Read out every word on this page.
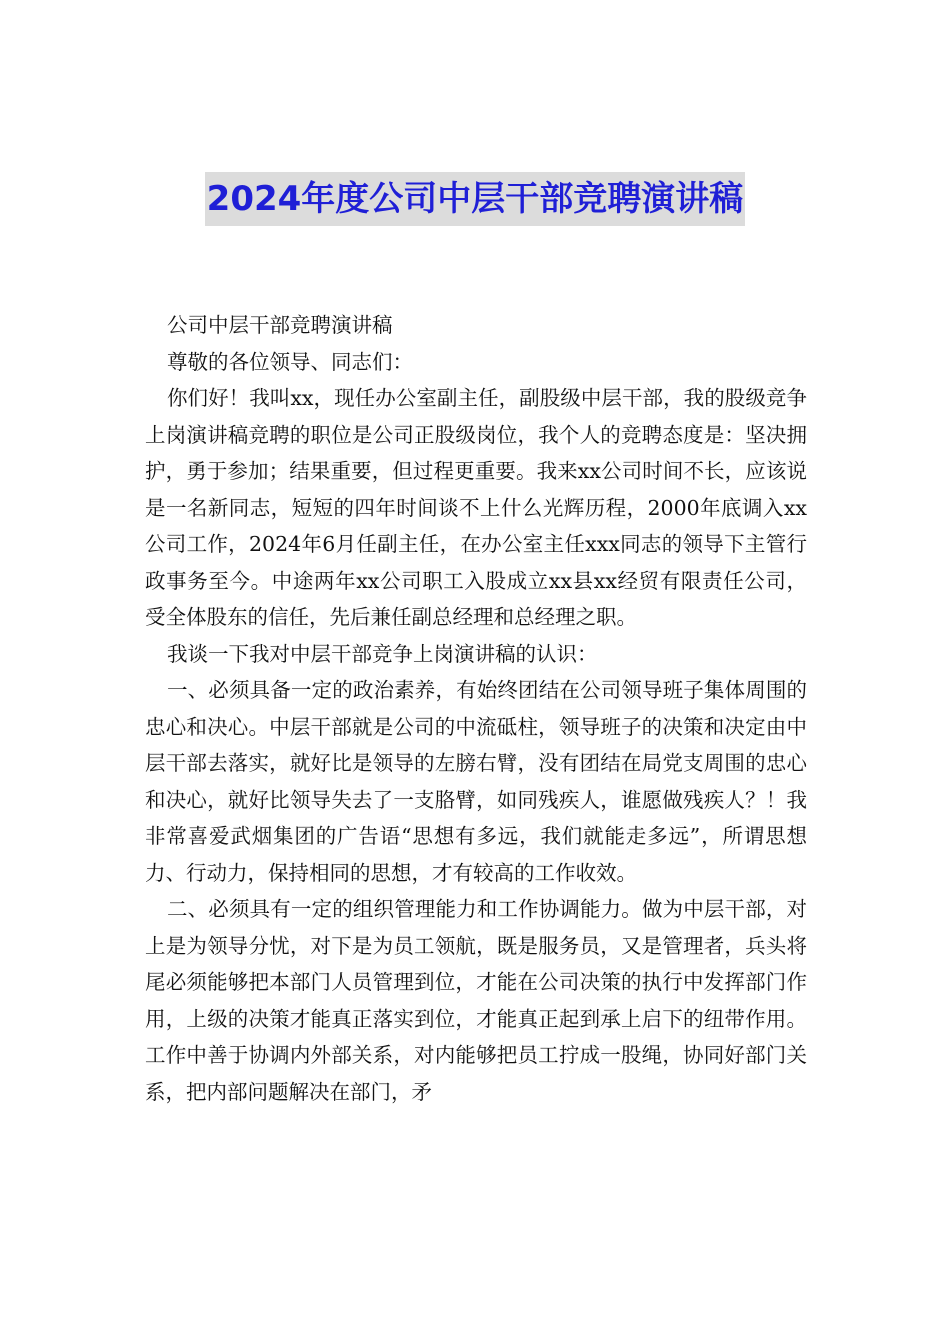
2024年度公司中层干部竞聘演讲稿

公司中层干部竞聘演讲稿

尊敬的各位领导、同志们：

你们好！我叫xx，现任办公室副主任，副股级中层干部，我的股级竞争上岗演讲稿竞聘的职位是公司正股级岗位，我个人的竞聘态度是：坚决拥护，勇于参加；结果重要，但过程更重要。我来xx公司时间不长，应该说是一名新同志，短短的四年时间谈不上什么光辉历程，2000年底调入xx公司工作，2024年6月任副主任，在办公室主任xxx同志的领导下主管行政事务至今。中途两年xx公司职工入股成立xx县xx经贸有限责任公司，受全体股东的信任，先后兼任副总经理和总经理之职。

我谈一下我对中层干部竞争上岗演讲稿的认识：

一、必须具备一定的政治素养，有始终团结在公司领导班子集体周围的忠心和决心。中层干部就是公司的中流砥柱，领导班子的决策和决定由中层干部去落实，就好比是领导的左膀右臂，没有团结在局党支周围的忠心和决心，就好比领导失去了一支胳臂，如同残疾人，谁愿做残疾人？！我非常喜爱武烟集团的广告语“思想有多远，我们就能走多远”，所谓思想力、行动力，保持相同的思想，才有较高的工作收效。

二、必须具有一定的组织管理能力和工作协调能力。做为中层干部，对上是为领导分忧，对下是为员工领航，既是服务员，又是管理者，兵头将尾必须能够把本部门人员管理到位，才能在公司决策的执行中发挥部门作用，上级的决策才能真正落实到位，才能真正起到承上启下的纽带作用。工作中善于协调内外部关系，对内能够把员工拧成一股绳，协同好部门关系，把内部问题解决在部门，矛
